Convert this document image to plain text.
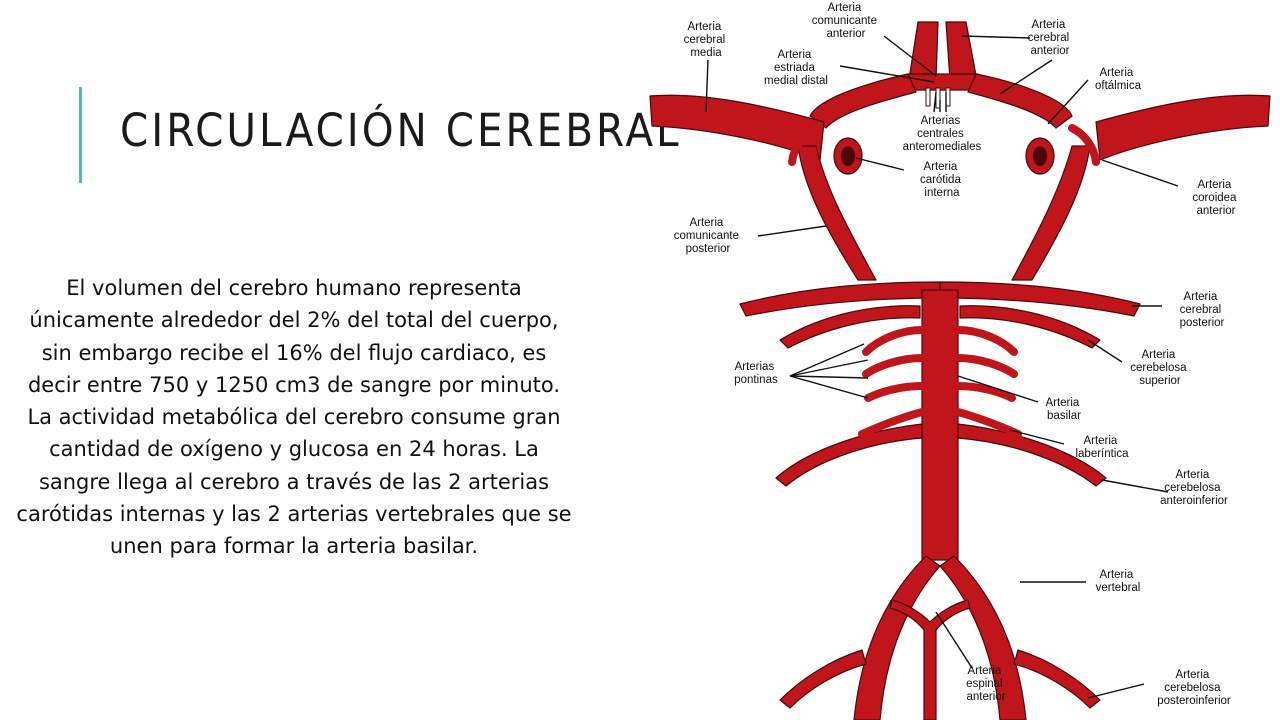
CIRCULACIÓN CEREBRAL

El volumen del cerebro humano representa únicamente alrededor del 2% del total del cuerpo, sin embargo recibe el 16% del flujo cardiaco, es decir entre 750 y 1250 cm3 de sangre por minuto. La actividad metabólica del cerebro consume gran cantidad de oxígeno y glucosa en 24 horas. La sangre llega al cerebro a través de las 2 arterias carótidas internas y las 2 arterias vertebrales que se unen para formar la arteria basilar.

Arteria cerebral media
Arteria comunicante anterior
Arteria cerebral anterior
Arteria estriada medial distal
Arteria oftálmica
Arterias centrales anteromediales
Arteria carótida interna
Arteria coroidea anterior
Arteria comunicante posterior
Arteria cerebral posterior
Arteria cerebelosa superior
Arterias pontinas
Arteria basilar
Arteria laberíntica
Arteria cerebelosa anteroinferior
Arteria vertebral
Arteria espinal anterior
Arteria cerebelosa posteroinferior
